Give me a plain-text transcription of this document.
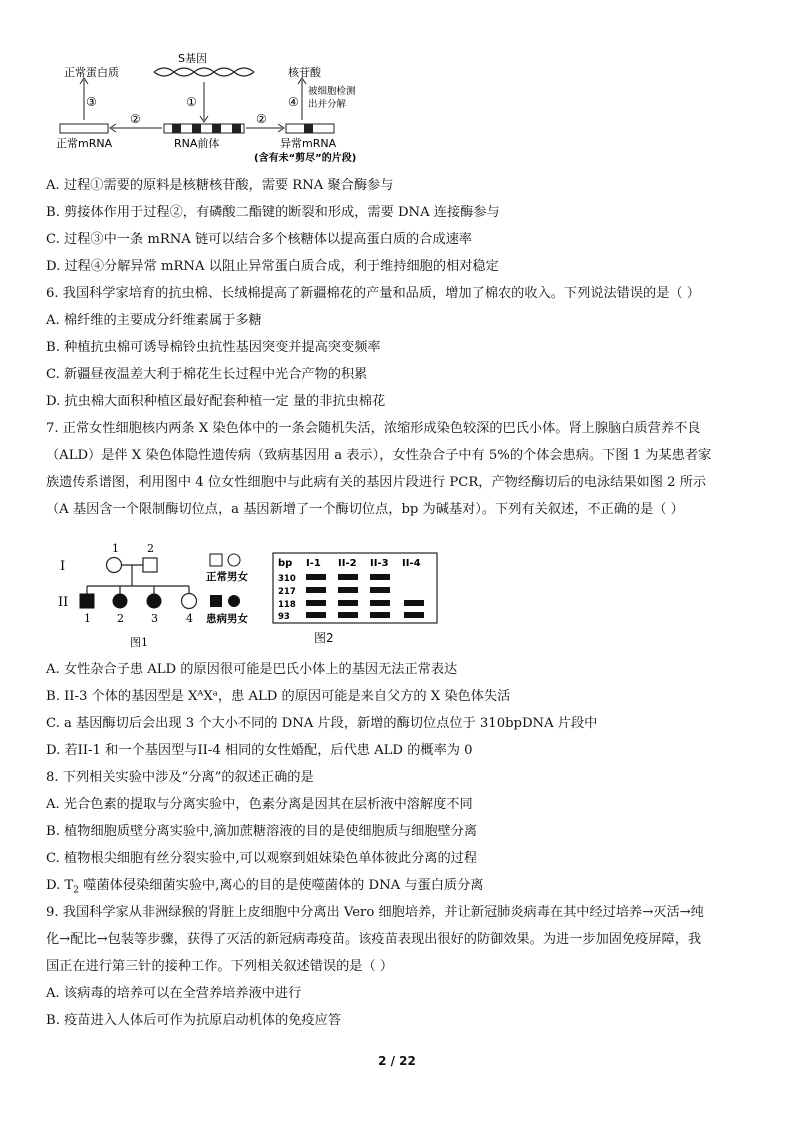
S基因
①
RNA前体
②
正常mRNA
③
正常蛋白质
②
异常mRNA
(含有未“剪尽”的片段)
④
核苷酸
被细胞检测
出并分解
A. 过程①需要的原料是核糖核苷酸，需要 RNA 聚合酶参与
B. 剪接体作用于过程②，有磷酸二酯键的断裂和形成，需要 DNA 连接酶参与
C. 过程③中一条 mRNA 链可以结合多个核糖体以提高蛋白质的合成速率
D. 过程④分解异常 mRNA 以阻止异常蛋白质合成，利于维持细胞的相对稳定
6. 我国科学家培育的抗虫棉、长绒棉提高了新疆棉花的产量和品质，增加了棉农的收入。下列说法错误的是（ ）
A. 棉纤维的主要成分纤维素属于多糖
B. 种植抗虫棉可诱导棉铃虫抗性基因突变并提高突变频率
C. 新疆昼夜温差大利于棉花生长过程中光合产物的积累
D. 抗虫棉大面积种植区最好配套种植一定 量的非抗虫棉花
7. 正常女性细胞核内两条 X 染色体中的一条会随机失活，浓缩形成染色较深的巴氏小体。肾上腺脑白质营养不良
（ALD）是伴 X 染色体隐性遗传病（致病基因用 a 表示），女性杂合子中有 5%的个体会患病。下图 1 为某患者家
族遗传系谱图，利用图中 4 位女性细胞中与此病有关的基因片段进行 PCR，产物经酶切后的电泳结果如图 2 所示
（A 基因含一个限制酶切位点，a 基因新增了一个酶切位点，bp 为碱基对）。下列有关叙述，不正确的是（ ）
I
II
1	2
1 2 3	4
正常男女
患病男女
图1
bp I-1 II-2 II-3 II-4
310
217
118
93
图2
A. 女性杂合子患 ALD 的原因很可能是巴氏小体上的基因无法正常表达
B. II-3 个体的基因型是 XᴬXᵃ，患 ALD 的原因可能是来自父方的 X 染色体失活
C. a 基因酶切后会出现 3 个大小不同的 DNA 片段，新增的酶切位点位于 310bpDNA 片段中
D. 若II-1 和一个基因型与II-4 相同的女性婚配，后代患 ALD 的概率为 0
8. 下列相关实验中涉及“分离”的叙述正确的是
A. 光合色素的提取与分离实验中，色素分离是因其在层析液中溶解度不同
B. 植物细胞质壁分离实验中,滴加蔗糖溶液的目的是使细胞质与细胞壁分离
C. 植物根尖细胞有丝分裂实验中,可以观察到姐妹染色单体彼此分离的过程
D. $T_2$ 噬菌体侵染细菌实验中,离心的目的是使噬菌体的 DNA 与蛋白质分离
9. 我国科学家从非洲绿猴的肾脏上皮细胞中分离出 Vero 细胞培养，并让新冠肺炎病毒在其中经过培养→灭活→纯
化→配比→包装等步骤，获得了灭活的新冠病毒疫苗。该疫苗表现出很好的防御效果。为进一步加固免疫屏障，我
国正在进行第三针的接种工作。下列相关叙述错误的是（ ）
A. 该病毒的培养可以在全营养培养液中进行
B. 疫苗进入人体后可作为抗原启动机体的免疫应答
2 / 22
